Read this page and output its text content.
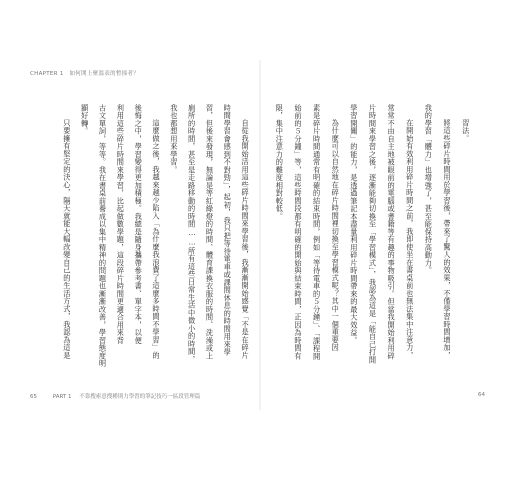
CHAPTER 1　如何開上聚溫表的暫撞者？
自從我開始活用這些碎片時間來學習後，我漸漸開始感覺「不是在碎片
時間學習會感到不對勁」，起初，我只把等待電車或課間休息的時間用來學
習，但後來發現，無論是等紅綠燈的時間、體育課換衣服的時間、洗澡或上
廁所的時間，甚至是走路移動的時間……所有這些日常生活中微小的時間，
我也都想用來學習。
這麼做之後，我越來越少陷入「為什麼我浪費了這麼多時間不學習」的
後悔之中，學習變得更加積極。我總是隨身攜帶參考書、單字本，以便
利用這些碎片時間來學習，比起做數學題，這段碎片時間更適合用來背
古文單詞，等等。我在書桌前養成以集中精神的問題也漸漸改善，學習態度明
顯好轉。
只要擁有堅定的決心，隔天就能大幅改變自己的生活方式，我認為這是	習法。
將這些碎片時間用於學習後，帶來了驚人的效果，不僅學習時間增加，
我的學習「體力」也增強了，甚至能保持高動力。
在開始有效利用碎片時間之前，我即使坐在書桌前也無法集中注意力，
常常不由自主地被眼前的電腦或書籍等有趣的事物吸引。但當我開始利用碎
片時間來學習之後，逐漸能夠切換至「學習模式」，我認為這是「能自己打開
學習開關」的能力，是透過筆記本盡量利用碎片時間帶來的最大效益。
為什麼可以自然地在碎片時間裡切換至學習模式呢？其中一個重要因
素是碎片時間通常有明確的結束時間，例如「等待電車的５分鐘」、「課程開
始前的５分鐘」等，這些時間段都有明確的開始與結束時間，正因為時間有
限，集中注意力的難度相對較低。
65	PART 1 不靠搜索意搜種則力學習的筆記技巧一區段管理篇	64
